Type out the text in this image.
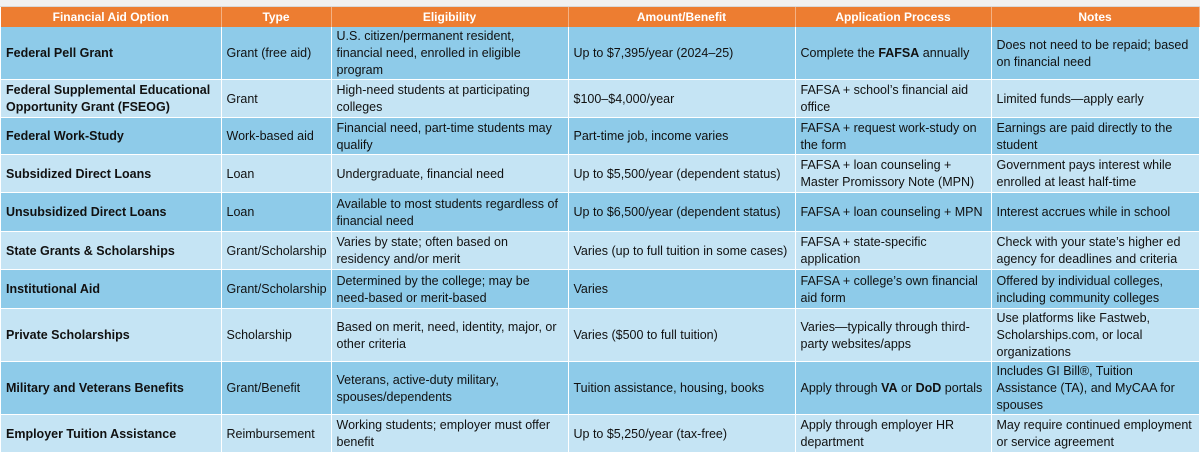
Financial Aid Option	Type	Eligibility	Amount/Benefit	Application Process	Notes
Federal Pell Grant	Grant (free aid)	U.S. citizen/permanent resident, financial need, enrolled in eligible program	Up to $7,395/year (2024–25)	Complete the FAFSA annually	Does not need to be repaid; based on financial need
Federal Supplemental Educational Opportunity Grant (FSEOG)	Grant	High-need students at participating colleges	$100–$4,000/year	FAFSA + school’s financial aid office	Limited funds—apply early
Federal Work-Study	Work-based aid	Financial need, part-time students may qualify	Part-time job, income varies	FAFSA + request work-study on the form	Earnings are paid directly to the student
Subsidized Direct Loans	Loan	Undergraduate, financial need	Up to $5,500/year (dependent status)	FAFSA + loan counseling + Master Promissory Note (MPN)	Government pays interest while enrolled at least half-time
Unsubsidized Direct Loans	Loan	Available to most students regardless of financial need	Up to $6,500/year (dependent status)	FAFSA + loan counseling + MPN	Interest accrues while in school
State Grants & Scholarships	Grant/Scholarship	Varies by state; often based on residency and/or merit	Varies (up to full tuition in some cases)	FAFSA + state-specific application	Check with your state’s higher ed agency for deadlines and criteria
Institutional Aid	Grant/Scholarship	Determined by the college; may be need-based or merit-based	Varies	FAFSA + college’s own financial aid form	Offered by individual colleges, including community colleges
Private Scholarships	Scholarship	Based on merit, need, identity, major, or other criteria	Varies ($500 to full tuition)	Varies—typically through third-party websites/apps	Use platforms like Fastweb, Scholarships.com, or local organizations
Military and Veterans Benefits	Grant/Benefit	Veterans, active-duty military, spouses/dependents	Tuition assistance, housing, books	Apply through VA or DoD portals	Includes GI Bill®, Tuition Assistance (TA), and MyCAA for spouses
Employer Tuition Assistance	Reimbursement	Working students; employer must offer benefit	Up to $5,250/year (tax-free)	Apply through employer HR department	May require continued employment or service agreement
